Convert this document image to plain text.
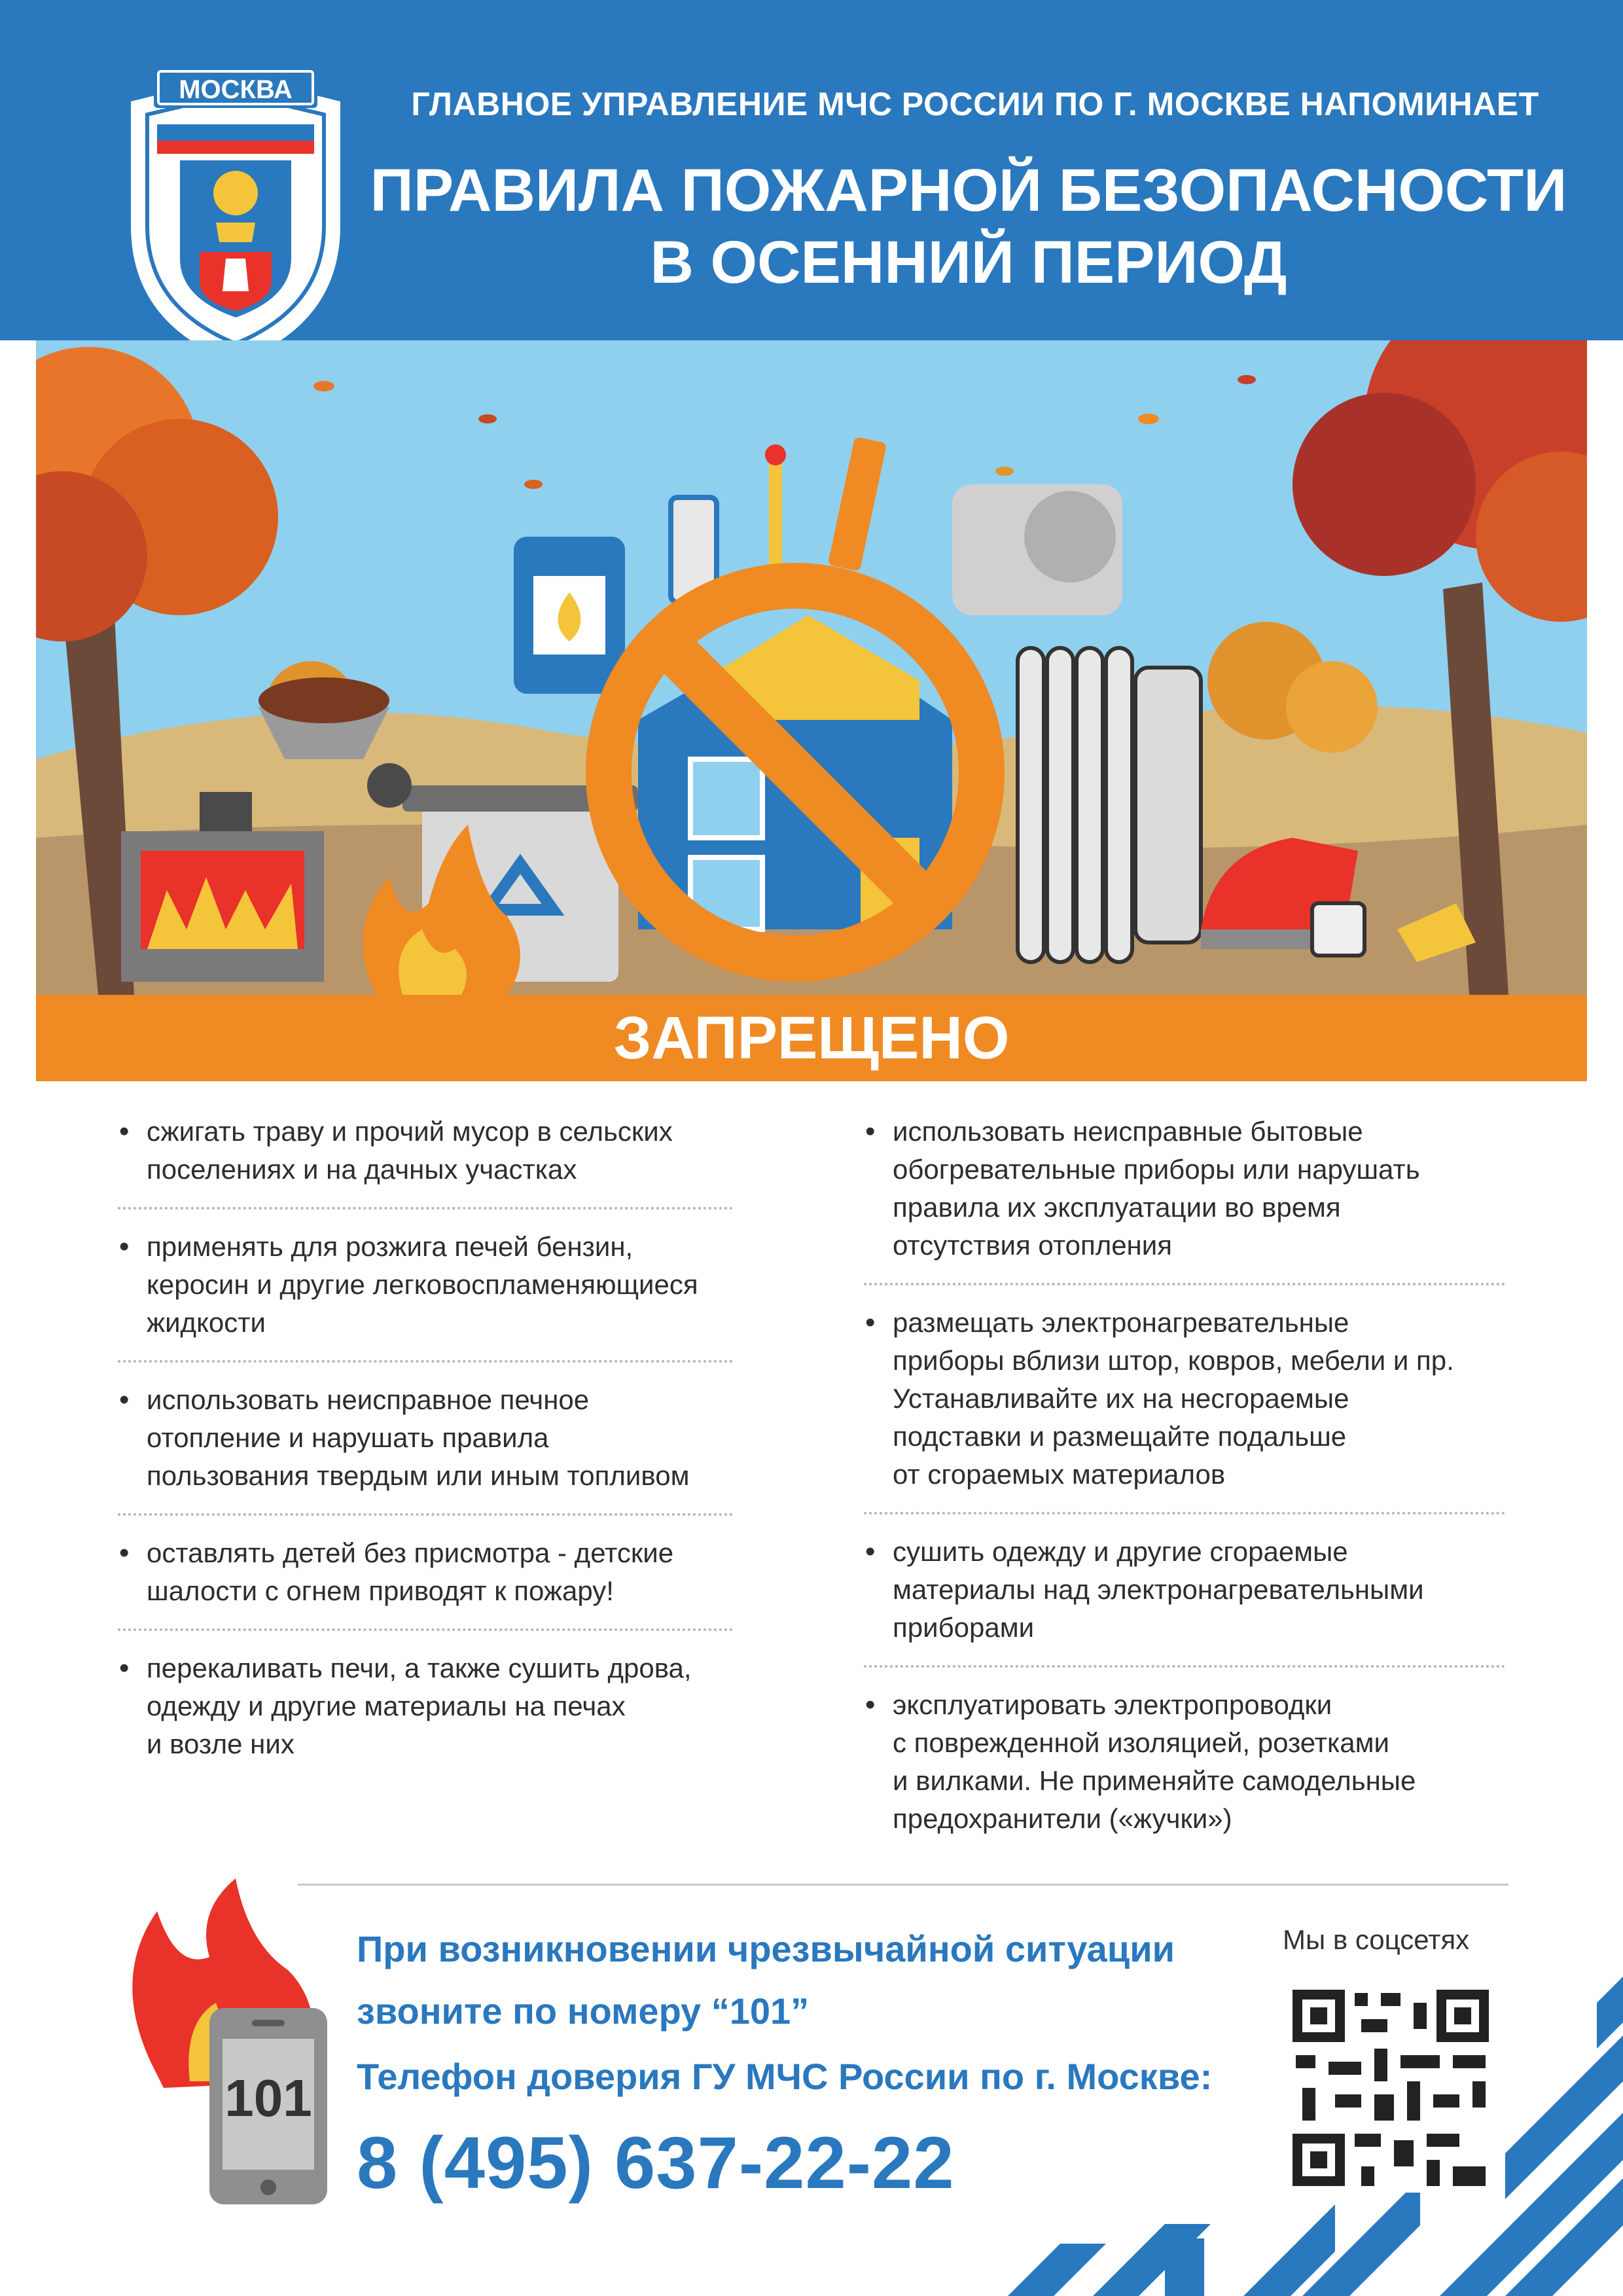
МОСКВА	ГЛАВНОЕ УПРАВЛЕНИЕ МЧС РОССИИ ПО Г. МОСКВЕ НАПОМИНАЕТ
ПРАВИЛА ПОЖАРНОЙ БЕЗОПАСНОСТИ
В ОСЕННИЙ ПЕРИОД
ЗАПРЕЩЕНО
• сжигать траву и прочий мусор в сельских
поселениях и на дачных участках
• применять для розжига печей бензин,
керосин и другие легковоспламеняющиеся
жидкости
• использовать неисправное печное
отопление и нарушать правила
пользования твердым или иным топливом
• оставлять детей без присмотра - детские
шалости с огнем приводят к пожару!
• перекаливать печи, а также сушить дрова,
одежду и другие материалы на печах
и возле них
• использовать неисправные бытовые
обогревательные приборы или нарушать
правила их эксплуатации во время
отсутствия отопления
• размещать электронагревательные
приборы вблизи штор, ковров, мебели и пр.
Устанавливайте их на несгораемые
подставки и размещайте подальше
от сгораемых материалов
• сушить одежду и другие сгораемые
материалы над электронагревательными
приборами
• эксплуатировать электропроводки
с поврежденной изоляцией, розетками
и вилками. Не применяйте самодельные
предохранители («жучки»)
При возникновении чрезвычайной ситуации
звоните по номеру “101”
Телефон доверия ГУ МЧС России по г. Москве:
8 (495) 637-22-22
Мы в соцсетях
101
